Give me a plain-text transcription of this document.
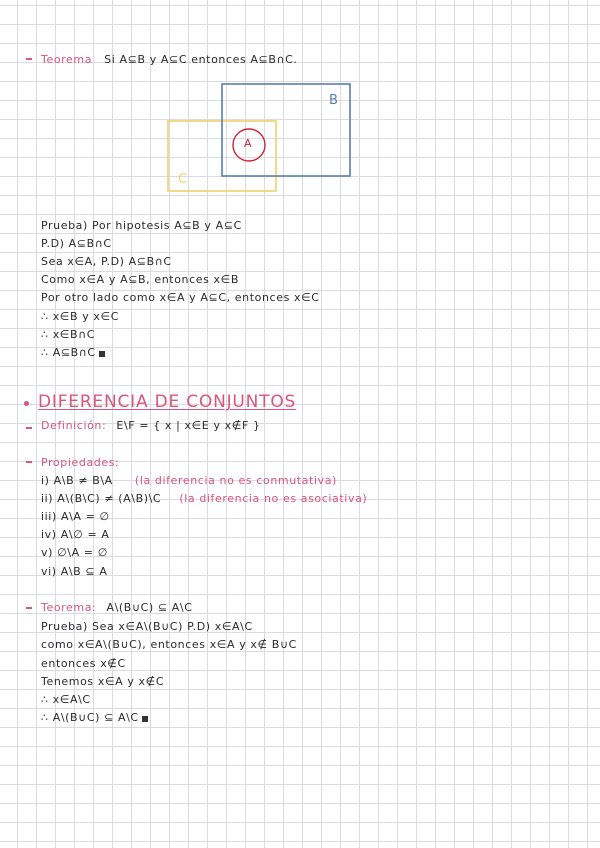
Teorema Si A⊆B y A⊆C entonces A⊆B∩C.
B
A
C
Prueba) Por hipotesis A⊆B y A⊆C
P.D) A⊆B∩C
Sea x∈A, P.D) A⊆B∩C
Como x∈A y A⊆B, entonces x∈B
Por otro lado como x∈A y A⊆C, entonces x∈C
∴ x∈B y x∈C
∴ x∈B∩C
∴ A⊆B∩C
DIFERENCIA DE CONJUNTOS
Definición: E\F = { x | x∈E y x∉F }
Propiedades:
i) A\B ≠ B\A (la diferencia no es conmutativa)
ii) A\(B\C) ≠ (A\B)\C (la diferencia no es asociativa)
iii) A\A = ∅
iv) A\∅ = A
v) ∅\A = ∅
vi) A\B ⊆ A
Teorema: A\(B∪C) ⊆ A\C
Prueba) Sea x∈A\(B∪C) P.D) x∈A\C
como x∈A\(B∪C), entonces x∈A y x∉ B∪C
entonces x∉C
Tenemos x∈A y x∉C
∴ x∈A\C
∴ A\(B∪C) ⊆ A\C
